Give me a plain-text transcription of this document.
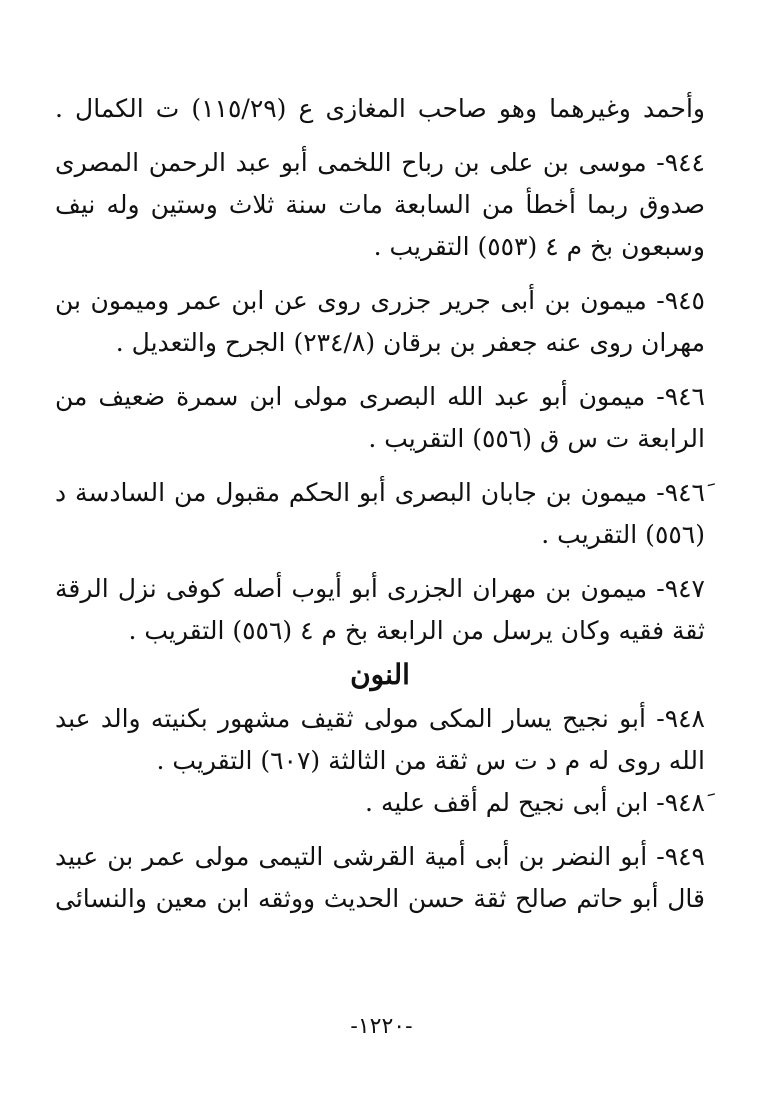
وأحمد وغيرهما وهو صاحب المغازى ع (١١٥/٢٩) ت الكمال .
٩٤٤- موسى بن على بن رباح اللخمى أبو عبد الرحمن المصرى
صدوق ربما أخطأ من السابعة مات سنة ثلاث وستين وله نيف
وسبعون بخ م ٤ (٥٥٣) التقريب .
٩٤٥- ميمون بن أبى جرير جزرى روى عن ابن عمر وميمون بن
مهران روى عنه جعفر بن برقان (٢٣٤/٨) الجرح والتعديل .
٩٤٦- ميمون أبو عبد الله البصرى مولى ابن سمرة ضعيف من
الرابعة ت س ق (٥٥٦) التقريب .
٩٤٦َ- ميمون بن جابان البصرى أبو الحكم مقبول من السادسة د
(٥٥٦) التقريب .
٩٤٧- ميمون بن مهران الجزرى أبو أيوب أصله كوفى نزل الرقة
ثقة فقيه وكان يرسل من الرابعة بخ م ٤ (٥٥٦) التقريب .
النون
٩٤٨- أبو نجيح يسار المكى مولى ثقيف مشهور بكنيته والد عبد
الله روى له م د ت س ثقة من الثالثة (٦٠٧) التقريب .
٩٤٨َ- ابن أبى نجيح لم أقف عليه .
٩٤٩- أبو النضر بن أبى أمية القرشى التيمى مولى عمر بن عبيد
قال أبو حاتم صالح ثقة حسن الحديث ووثقه ابن معين والنسائى
-١٢٢٠-
